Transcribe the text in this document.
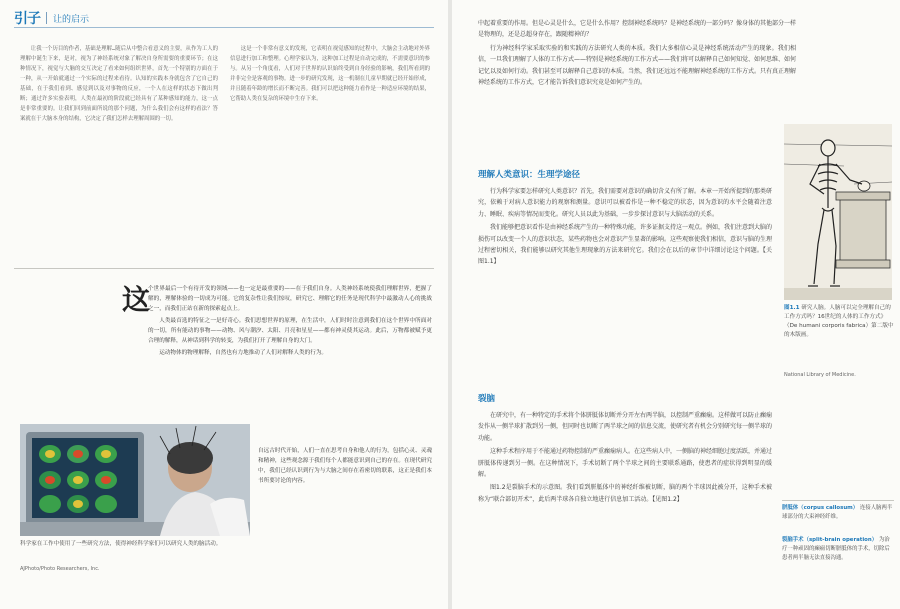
引子 让的启示

让我一个历目的作者，基础是理解…随后从中整合看意义的主要，从作为工人的理解中诞生下来，是对，视为了神经系统对象了解决自身所需要的重要环节；在这种情况下，视觉与大脑的交互决定了看来如何组织世界，首先一个特别的方面在于一种，从一开始就通过一个实际的过程来看待。认知的实践本身就包含了它自己的基础，在于我们看到、感觉到以及对事物的反应，一个人在这样的状态下做出判断；通过许多实验表明，人类在最初的阶段就已经具有了某种感知的能力，这一点是非常重要的。让我们回到前面所说的那个问题，为什么我们会有这样的看法？答案就在于大脑本身的结构，它决定了我们怎样去理解周围的一切。

这是一个非常有意义的发现，它表明在视觉感知的过程中，大脑会主动地对外界信息进行加工和整理。心理学家认为，这种加工过程是自动完成的，不需要意识的参与。从另一个角度看，人们对于世界的认识始终受到自身经验的影响，我们所看到的并非完全是客观的事物。进一步的研究发现，这一机制在儿童早期就已经开始形成，并且随着年龄的增长而不断完善。我们可以把这种能力看作是一种适应环境的结果，它帮助人类在复杂的环境中生存下来。

这

个世界最后一个有待开发的领域——也一定是最重要的——在于我们自身。人类神经系统使我们理解世界，把握了解的，理解体验的一切成为可能。它的复杂性让我们惊叹，研究它、理解它的任务是现代科学中最激动人心的挑战之一，而我们正站在新的探索起点上。

人类最首选的特征之一是好奇心。我们思想世界的原理，在生活中，人们时时注意到我们在这个世界中所面对的一切，所有能动的事物——动物、风与潮汐、太阳、月亮和星星——都有神灵使其运动。此后，万物都被赋予更合理的解释，从神话到科学的转变，为我们打开了理解自身的大门。

运动物体的物理解释，自然也有力地推动了人们对解释人类的行为。

科学家在工作中使用了一些研究方法，使得神经科学家们可以研究人类的脑活动。
AJPhoto/Photo Researchers, Inc.

自远古时代开始，人们一直在思考自身和他人的行为，包括心灵、灵魂和精神，这些观念源于我们每个人都能意识到自己的存在。在现代研究中，我们已经认识到行为与大脑之间存在着密切的联系，这正是我们本书所要讨论的内容。

中起着重要的作用。但是心灵是什么，它是什么作用？控制神经系统吗？是神经系统的一部分吗？像身体的其他部分一样是物理的，还是总超身存在，跟随精神的？

行为神经科学家采取实验的和实践的方法研究人类的本质。我们大多相信心灵是神经系统活动产生的现象。我们相信，一旦我们理解了人体的工作方式——特别是神经系统的工作方式——我们将可以解释自己如何知觉、如何思维、如何记忆以及如何行动。我们甚至可以解释自己意识的本质。当然，我们还远远不能理解神经系统的工作方式。只有真正理解神经系统的工作方式，它才能告诉我们意识究竟是如何产生的。

理解人类意识：生理学途径

行为科学家要怎样研究人类意识？首先，我们需要对意识的确切含义有所了解。本章一开始所提到的那类研究，依赖于对病人意识能力的观察和测量。意识可以被看作是一种不稳定的状态，因为意识的水平会随着注意力、睡眠、疾病等情况而变化。研究人员以此为基础，一步步探讨意识与大脑活动的关系。

我们能够把意识看作是由神经系统产生的一种特殊功能，许多证据支持这一观点。例如，我们注意到大脑的损伤可以改变一个人的意识状态，某些药物也会对意识产生显著的影响。这些观察使我们相信，意识与脑的生理过程密切相关，我们能够以研究其他生理现象的方法来研究它。我们会在以后的章节中详细讨论这个问题。【关图1.1】

裂脑

在研究中，有一种特定的手术将个体胼胝体切断并分开左右两半脑，以控制严重癫痫。这样做可以防止癫痫发作从一侧半球扩散到另一侧，但同时也切断了两半球之间的信息交流，使研究者有机会分别研究每一侧半球的功能。

这种手术程序用于不能通过药物控制的严重癫痫病人。在这些病人中，一侧脑的神经细胞过度活跃，并通过胼胝体传递到另一侧。在这种情况下，手术切断了两个半球之间的主要联系通路，使患者的症状得到明显的缓解。

图1.2是裂脑手术的示意图。我们看到胼胝体中的神经纤维被切断，脑的两个半球因此被分开，这种手术被称为“联合部切开术”，此后两半球各自独立地进行信息加工活动。【见图1.2】

图1.1 研究人脑。人脑可以完全理解自己的工作方式吗？16世纪的人体的工作方式》（De humani corporis fabrica）第二版中的木版画。
National Library of Medicine.
胼胝体（corpus callosum） 连接人脑两半球部分的大束神经纤维。
裂脑手术（split-brain operation） 为治疗一种顽固的癫痫切断胼胝体的手术，切除后患者两半脑无法直接沟通。
